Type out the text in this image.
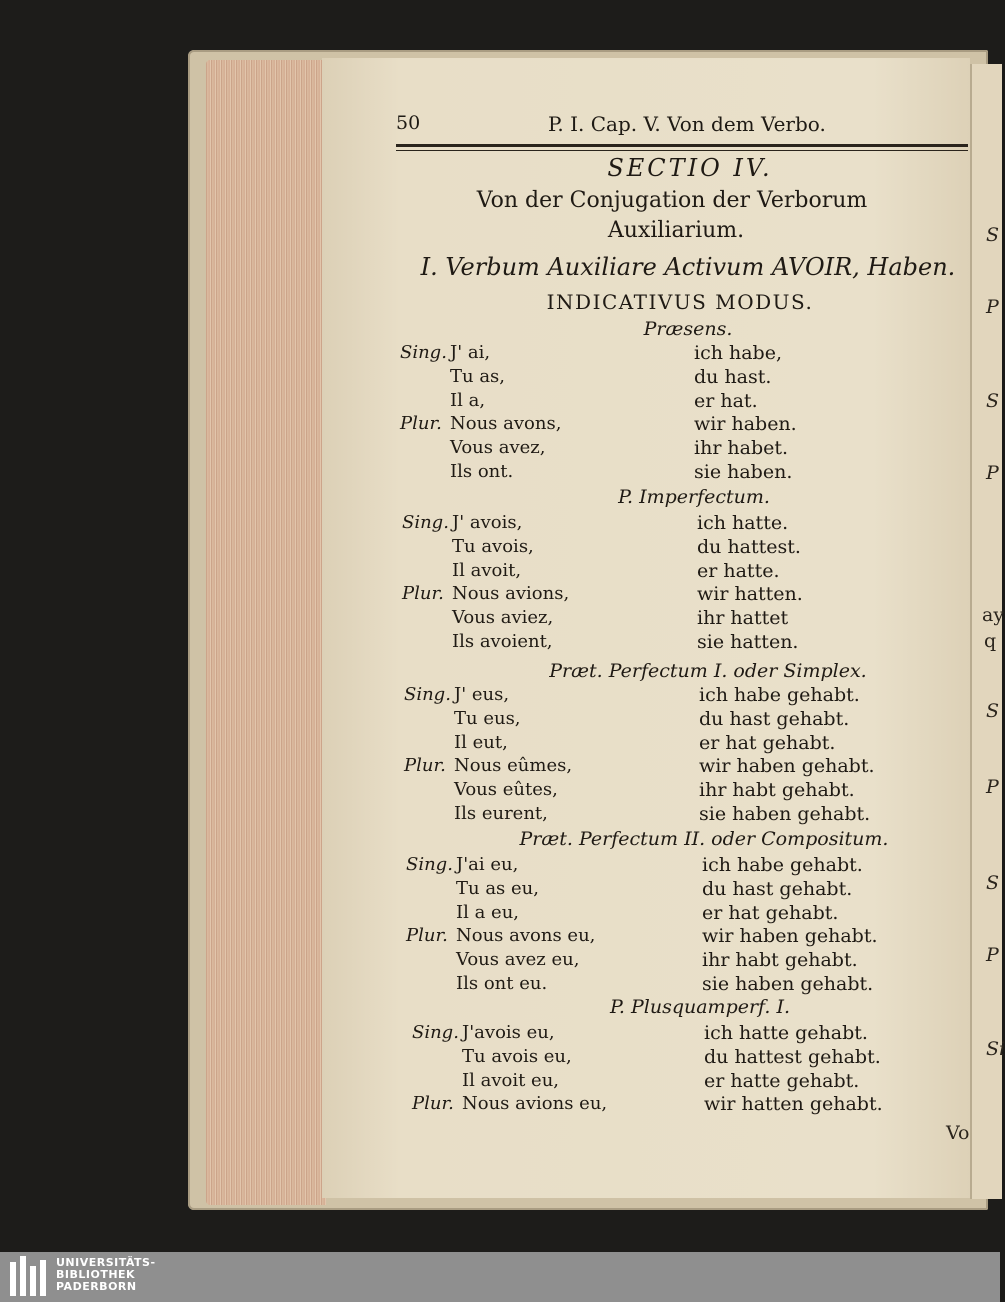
S
P
S
P
ay
q
S
P
S
P
Si
Vo
50	P. I. Cap. V. Von dem Verbo.
SECTIO IV.
Von der Conjugation der Verborum
Auxiliarium.
I. Verbum Auxiliare Activum AVOIR, Haben.
INDICATIVUS MODUS.
Præsens.
Sing. J' ai,	ich habe,
Tu as,	du hast.
Il a,	er hat.
Plur. Nous avons,	wir haben.
Vous avez,	ihr habet.
Ils ont.	sie haben.
P. Imperfectum.
Sing. J' avois,	ich hatte.
Tu avois,	du hattest.
Il avoit,	er hatte.
Plur. Nous avions,	wir hatten.
Vous aviez,	ihr hattet
Ils avoient,	sie hatten.
Præt. Perfectum I. oder Simplex.
Sing. J' eus,	ich habe gehabt.
Tu eus,	du hast gehabt.
Il eut,	er hat gehabt.
Plur. Nous eûmes,	wir haben gehabt.
Vous eûtes,	ihr habt gehabt.
Ils eurent,	sie haben gehabt.
Præt. Perfectum II. oder Compositum.
Sing. J'ai eu,	ich habe gehabt.
Tu as eu,	du hast gehabt.
Il a eu,	er hat gehabt.
Plur. Nous avons eu,	wir haben gehabt.
Vous avez eu,	ihr habt gehabt.
Ils ont eu.	sie haben gehabt.
P. Plusquamperf. I.
Sing. J'avois eu,	ich hatte gehabt.
Tu avois eu,	du hattest gehabt.
Il avoit eu,	er hatte gehabt.
Plur. Nous avions eu,	wir hatten gehabt.
UNIVERSITÄTS-
BIBLIOTHEK
PADERBORN
